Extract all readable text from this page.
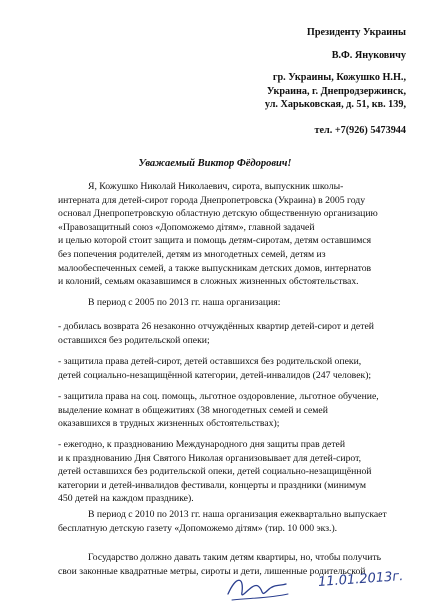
Президенту Украины
В.Ф. Януковичу
гр. Украины, Кожушко Н.Н.,
Украина, г. Днепродзержинск,
ул. Харьковская, д. 51, кв. 139,
тел. +7(926) 5473944
Уважаемый Виктор Фёдорович!
Я, Кожушко Николай Николаевич, сирота, выпускник школы-
интерната для детей-сирот города Днепропетровска (Украина) в 2005 году
основал Днепропетровскую областную детскую общественную организацию
«Правозащитный союз «Допоможемо дітям», главной задачей
и целью которой стоит защита и помощь детям-сиротам, детям оставшимся
без попечения родителей, детям из многодетных семей, детям из
малообеспеченных семей, а также выпускникам детских домов, интернатов
и колоний, семьям оказавшимся в сложных жизненных обстоятельствах.
В период с 2005 по 2013 гг. наша организация:
- добилась возврата 26 незаконно отчуждённых квартир детей-сирот и детей
оставшихся без родительской опеки;
- защитила права детей-сирот, детей оставшихся без родительской опеки,
детей социально-незащищённой категории, детей-инвалидов (247 человек);
- защитила права на соц. помощь, льготное оздоровление, льготное обучение,
выделение комнат в общежитиях (38 многодетных семей и семей
оказавшихся в трудных жизненных обстоятельствах);
- ежегодно, к празднованию Международного дня защиты прав детей
и к празднованию Дня Святого Николая организовывает для детей-сирот,
детей оставшихся без родительской опеки, детей социально-незащищённой
категории и детей-инвалидов фестивали, концерты и праздники (минимум
450 детей на каждом празднике).
В период с 2010 по 2013 гг. наша организация ежеквартально выпускает
бесплатную детскую газету «Допоможемо дітям» (тир. 10 000 экз.).
Государство должно давать таким детям квартиры, но, чтобы получить
свои законные квадратные метры, сироты и дети, лишенные родительской
11.01.2013г.
